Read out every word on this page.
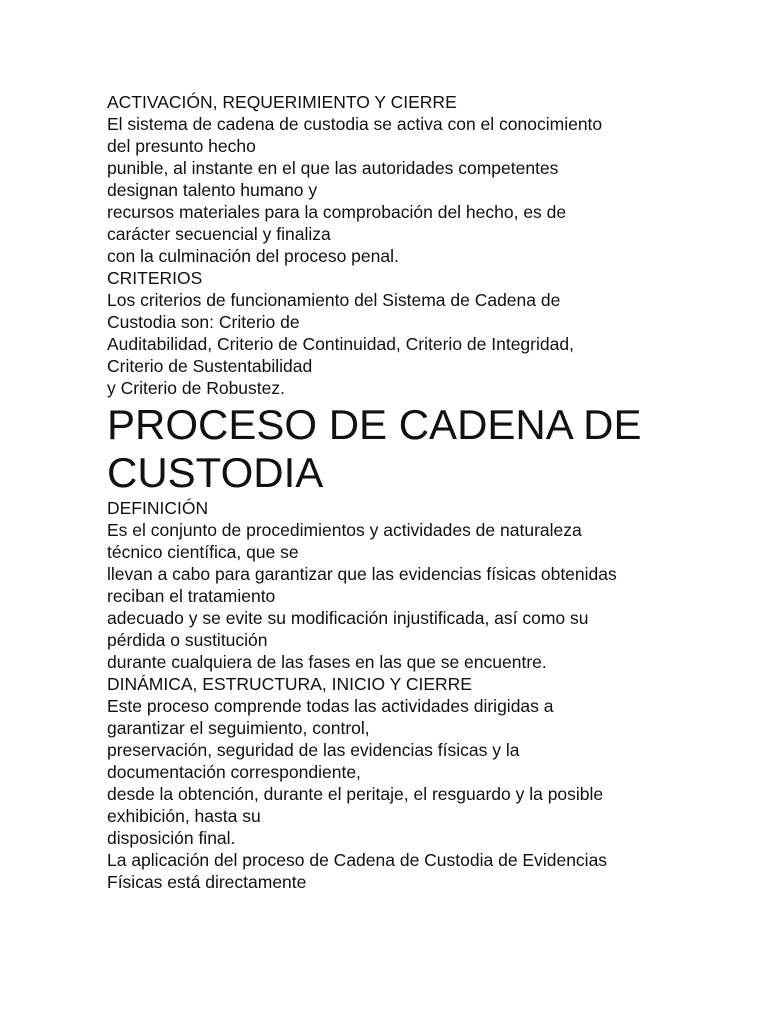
ACTIVACIÓN, REQUERIMIENTO Y CIERRE

El sistema de cadena de custodia se activa con el conocimiento

del presunto hecho

punible, al instante en el que las autoridades competentes

designan talento humano y

recursos materiales para la comprobación del hecho, es de

carácter secuencial y finaliza

con la culminación del proceso penal.

CRITERIOS

Los criterios de funcionamiento del Sistema de Cadena de

Custodia son: Criterio de

Auditabilidad, Criterio de Continuidad, Criterio de Integridad,

Criterio de Sustentabilidad

y Criterio de Robustez.

PROCESO DE CADENA DE

CUSTODIA

DEFINICIÓN

Es el conjunto de procedimientos y actividades de naturaleza

técnico científica, que se

llevan a cabo para garantizar que las evidencias físicas obtenidas

reciban el tratamiento

adecuado y se evite su modificación injustificada, así como su

pérdida o sustitución

durante cualquiera de las fases en las que se encuentre.

DINÁMICA, ESTRUCTURA, INICIO Y CIERRE

Este proceso comprende todas las actividades dirigidas a

garantizar el seguimiento, control,

preservación, seguridad de las evidencias físicas y la

documentación correspondiente,

desde la obtención, durante el peritaje, el resguardo y la posible

exhibición, hasta su

disposición final.

La aplicación del proceso de Cadena de Custodia de Evidencias

Físicas está directamente
